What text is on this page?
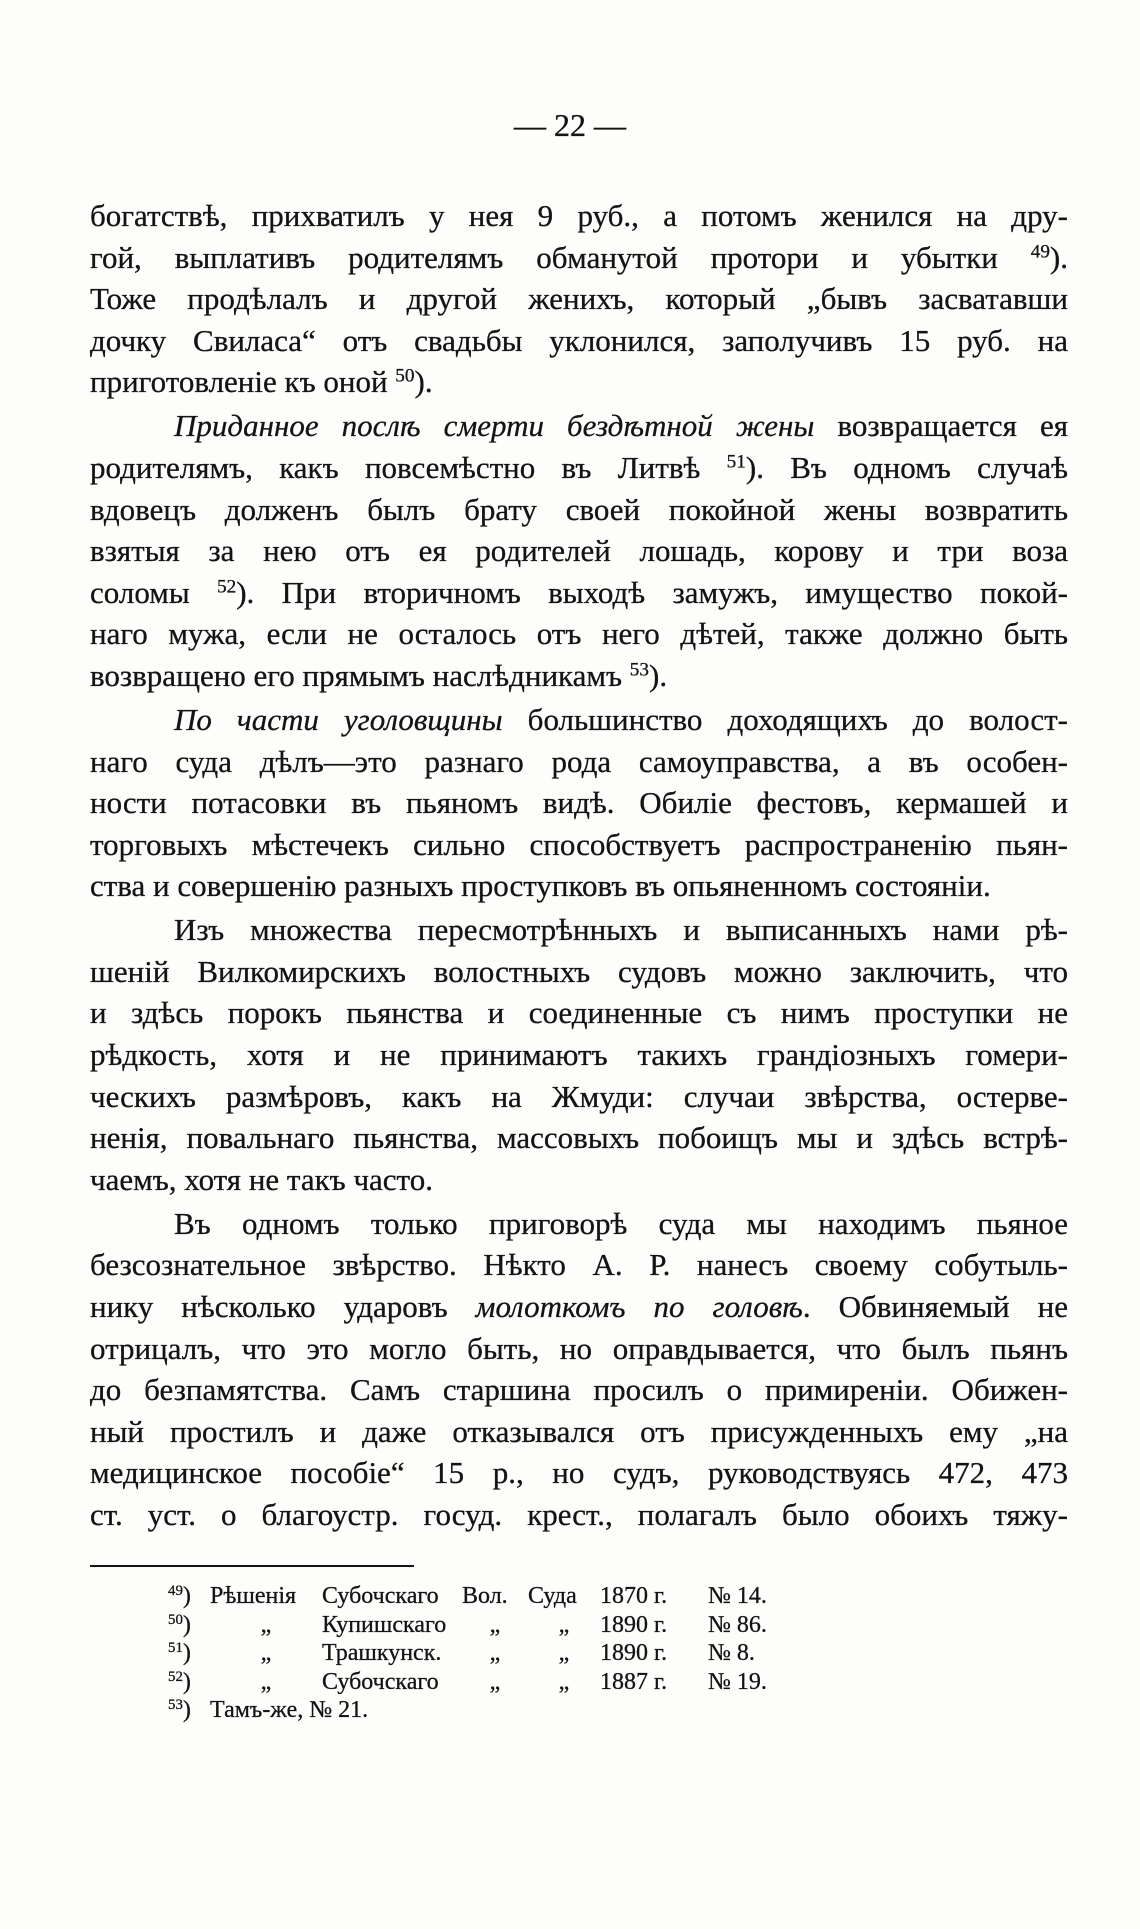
— 22 —
богатствѣ, прихватилъ у нея 9 руб., а потомъ женился на дру-
гой, выплативъ родителямъ обманутой протори и убытки $^{49}$).
Тоже продѣлалъ и другой женихъ, который „бывъ засватавши
дочку Свиласа“ отъ свадьбы уклонился, заполучивъ 15 руб. на
приготовленіе къ оной $^{50}$).
Приданное послѣ смерти бездѣтной жены возвращается ея
родителямъ, какъ повсемѣстно въ Литвѣ $^{51}$). Въ одномъ случаѣ
вдовецъ долженъ былъ брату своей покойной жены возвратить
взятыя за нею отъ ея родителей лошадь, корову и три воза
соломы $^{52}$). При вторичномъ выходѣ замужъ, имущество покой-
наго мужа, если не осталось отъ него дѣтей, также должно быть
возвращено его прямымъ наслѣдникамъ $^{53}$).
По части уголовщины большинство доходящихъ до волост-
наго суда дѣлъ—это разнаго рода самоуправства, а въ особен-
ности потасовки въ пьяномъ видѣ. Обиліе фестовъ, кермашей и
торговыхъ мѣстечекъ сильно способствуетъ распространенію пьян-
ства и совершенію разныхъ проступковъ въ опьяненномъ состояніи.
Изъ множества пересмотрѣнныхъ и выписанныхъ нами рѣ-
шеній Вилкомирскихъ волостныхъ судовъ можно заключить, что
и здѣсь порокъ пьянства и соединенные съ нимъ проступки не
рѣдкость, хотя и не принимаютъ такихъ грандіозныхъ гомери-
ческихъ размѣровъ, какъ на Жмуди: случаи звѣрства, остерве-
ненія, повальнаго пьянства, массовыхъ побоищъ мы и здѣсь встрѣ-
чаемъ, хотя не такъ часто.
Въ одномъ только приговорѣ суда мы находимъ пьяное
безсознательное звѣрство. Нѣкто А. Р. нанесъ своему собутыль-
нику нѣсколько ударовъ молоткомъ по головѣ. Обвиняемый не
отрицалъ, что это могло быть, но оправдывается, что былъ пьянъ
до безпамятства. Самъ старшина просилъ о примиреніи. Обижен-
ный простилъ и даже отказывался отъ присужденныхъ ему „на
медицинское пособіе“ 15 р., но судъ, руководствуясь 472, 473
ст. уст. о благоустр. госуд. крест., полагалъ было обоихъ тяжу-
$^{49}$) Рѣшенія	Субочскаго Вол. Суда 1870 г.	№ 14.
$^{50}$)	„	Купишскаго	„	„	1890 г.	№ 86.
$^{51}$)	„	Трашкунск.	„	„	1890 г.	№ 8.
$^{52}$)	„	Субочскаго	„	„	1887 г.	№ 19.
$^{53}$) Тамъ-же, № 21.
